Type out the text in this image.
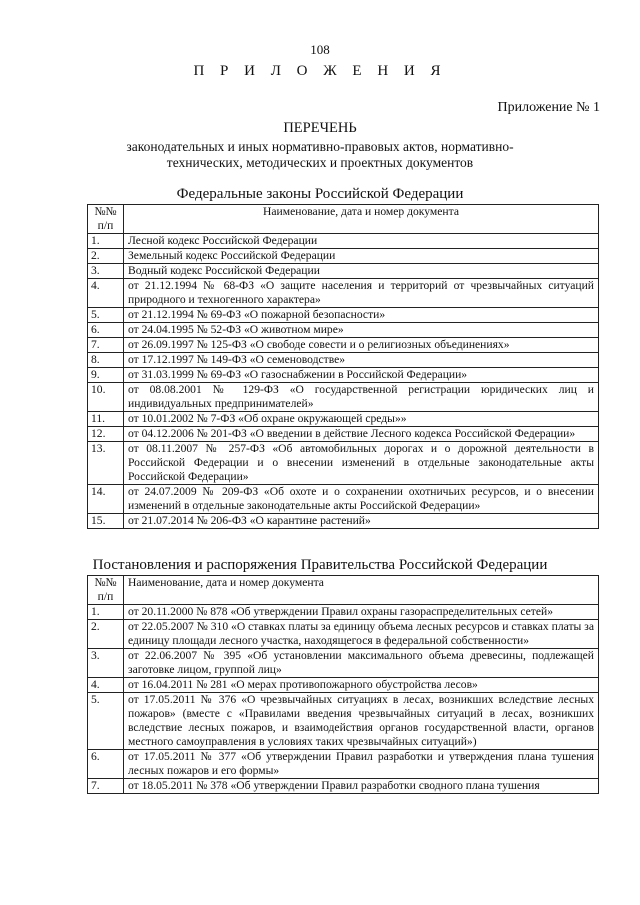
108
П Р И Л О Ж Е Н И Я
Приложение № 1
ПЕРЕЧЕНЬ
законодательных и иных нормативно-правовых актов, нормативно-технических, методических и проектных документов
Федеральные законы Российской Федерации
№№ п/п	Наименование, дата и номер документа
1.	Лесной кодекс Российской Федерации
2.	Земельный кодекс Российской Федерации
3.	Водный кодекс Российской Федерации
4.	от 21.12.1994 № 68-ФЗ «О защите населения и территорий от чрезвычайных ситуаций природного и техногенного характера»
5.	от 21.12.1994 № 69-ФЗ «О пожарной безопасности»
6.	от 24.04.1995 № 52-ФЗ «О животном мире»
7.	от 26.09.1997 № 125-ФЗ «О свободе совести и о религиозных объединениях»
8.	от 17.12.1997 № 149-ФЗ «О семеноводстве»
9.	от 31.03.1999 № 69-ФЗ «О газоснабжении в Российской Федерации»
10.	от 08.08.2001 № 129-ФЗ «О государственной регистрации юридических лиц и индивидуальных предпринимателей»
11.	от 10.01.2002 № 7-ФЗ «Об охране окружающей среды»»
12.	от 04.12.2006 № 201-ФЗ «О введении в действие Лесного кодекса Российской Федерации»
13.	от 08.11.2007 № 257-ФЗ «Об автомобильных дорогах и о дорожной деятельности в Российской Федерации и о внесении изменений в отдельные законодательные акты Российской Федерации»
14.	от 24.07.2009 № 209-ФЗ «Об охоте и о сохранении охотничьих ресурсов, и о внесении изменений в отдельные законодательные акты Российской Федерации»
15.	от 21.07.2014 № 206-ФЗ «О карантине растений»
Постановления и распоряжения Правительства Российской Федерации
№№ п/п	Наименование, дата и номер документа
1.	от 20.11.2000 № 878 «Об утверждении Правил охраны газораспределительных сетей»
2.	от 22.05.2007 № 310 «О ставках платы за единицу объема лесных ресурсов и ставках платы за единицу площади лесного участка, находящегося в федеральной собственности»
3.	от 22.06.2007 № 395 «Об установлении максимального объема древесины, подлежащей заготовке лицом, группой лиц»
4.	от 16.04.2011 № 281 «О мерах противопожарного обустройства лесов»
5.	от 17.05.2011 № 376 «О чрезвычайных ситуациях в лесах, возникших вследствие лесных пожаров» (вместе с «Правилами введения чрезвычайных ситуаций в лесах, возникших вследствие лесных пожаров, и взаимодействия органов государственной власти, органов местного самоуправления в условиях таких чрезвычайных ситуаций»)
6.	от 17.05.2011 № 377 «Об утверждении Правил разработки и утверждения плана тушения лесных пожаров и его формы»
7.	от 18.05.2011 № 378 «Об утверждении Правил разработки сводного плана тушения
